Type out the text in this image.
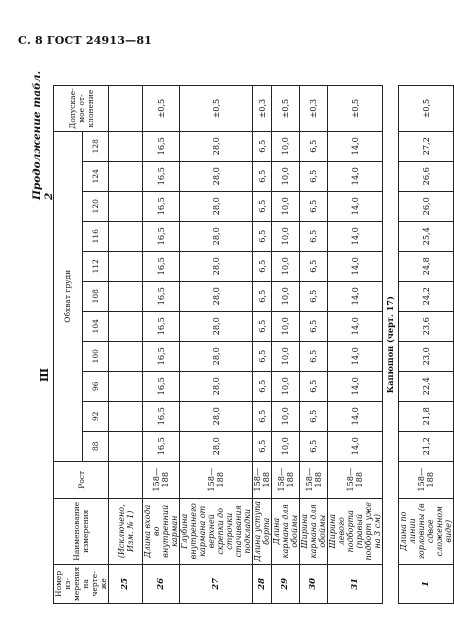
С. 8 ГОСТ 24913—81
Ш
Продолжение табл. 2
Номер из-мерения на черте-же	Наименование измерения	Рост	Обхват груди											Допускае-мое от-клонение
			88	92	96	100	104	108	112	116	120	124	128	
25	(Исключено, Изм. № 1)													
26	Длина входа во внутренний карман	158—188	16,5	16,5	16,5	16,5	16,5	16,5	16,5	16,5	16,5	16,5	16,5	±0,5
27	Глубина внутреннего кармана от верхней скрепки до строчки стачивания подкладки	158—188	28,0	28,0	28,0	28,0	28,0	28,0	28,0	28,0	28,0	28,0	28,0	±0,5
28	Длина уступа борта	158—188	6,5	6,5	6,5	6,5	6,5	6,5	6,5	6,5	6,5	6,5	6,5	±0,3
29	Длина кармана для обоймы	158—188	10,0	10,0	10,0	10,0	10,0	10,0	10,0	10,0	10,0	10,0	10,0	±0,5
30	Ширина кармана для обоймы	158—188	6,5	6,5	6,5	6,5	6,5	6,5	6,5	6,5	6,5	6,5	6,5	±0,3
31	Ширина левого подборта (правый подборт уже на 3 см)	158—188	14,0	14,0	14,0	14,0	14,0	14,0	14,0	14,0	14,0	14,0	14,0	±0,5
Капюшон (черт. 17)														
1	Длина по линии горловины (в сдвое сложенном виде)	158—188	21,2	21,8	22,4	23,0	23,6	24,2	24,8	25,4	26,0	26,6	27,2	±0,5
